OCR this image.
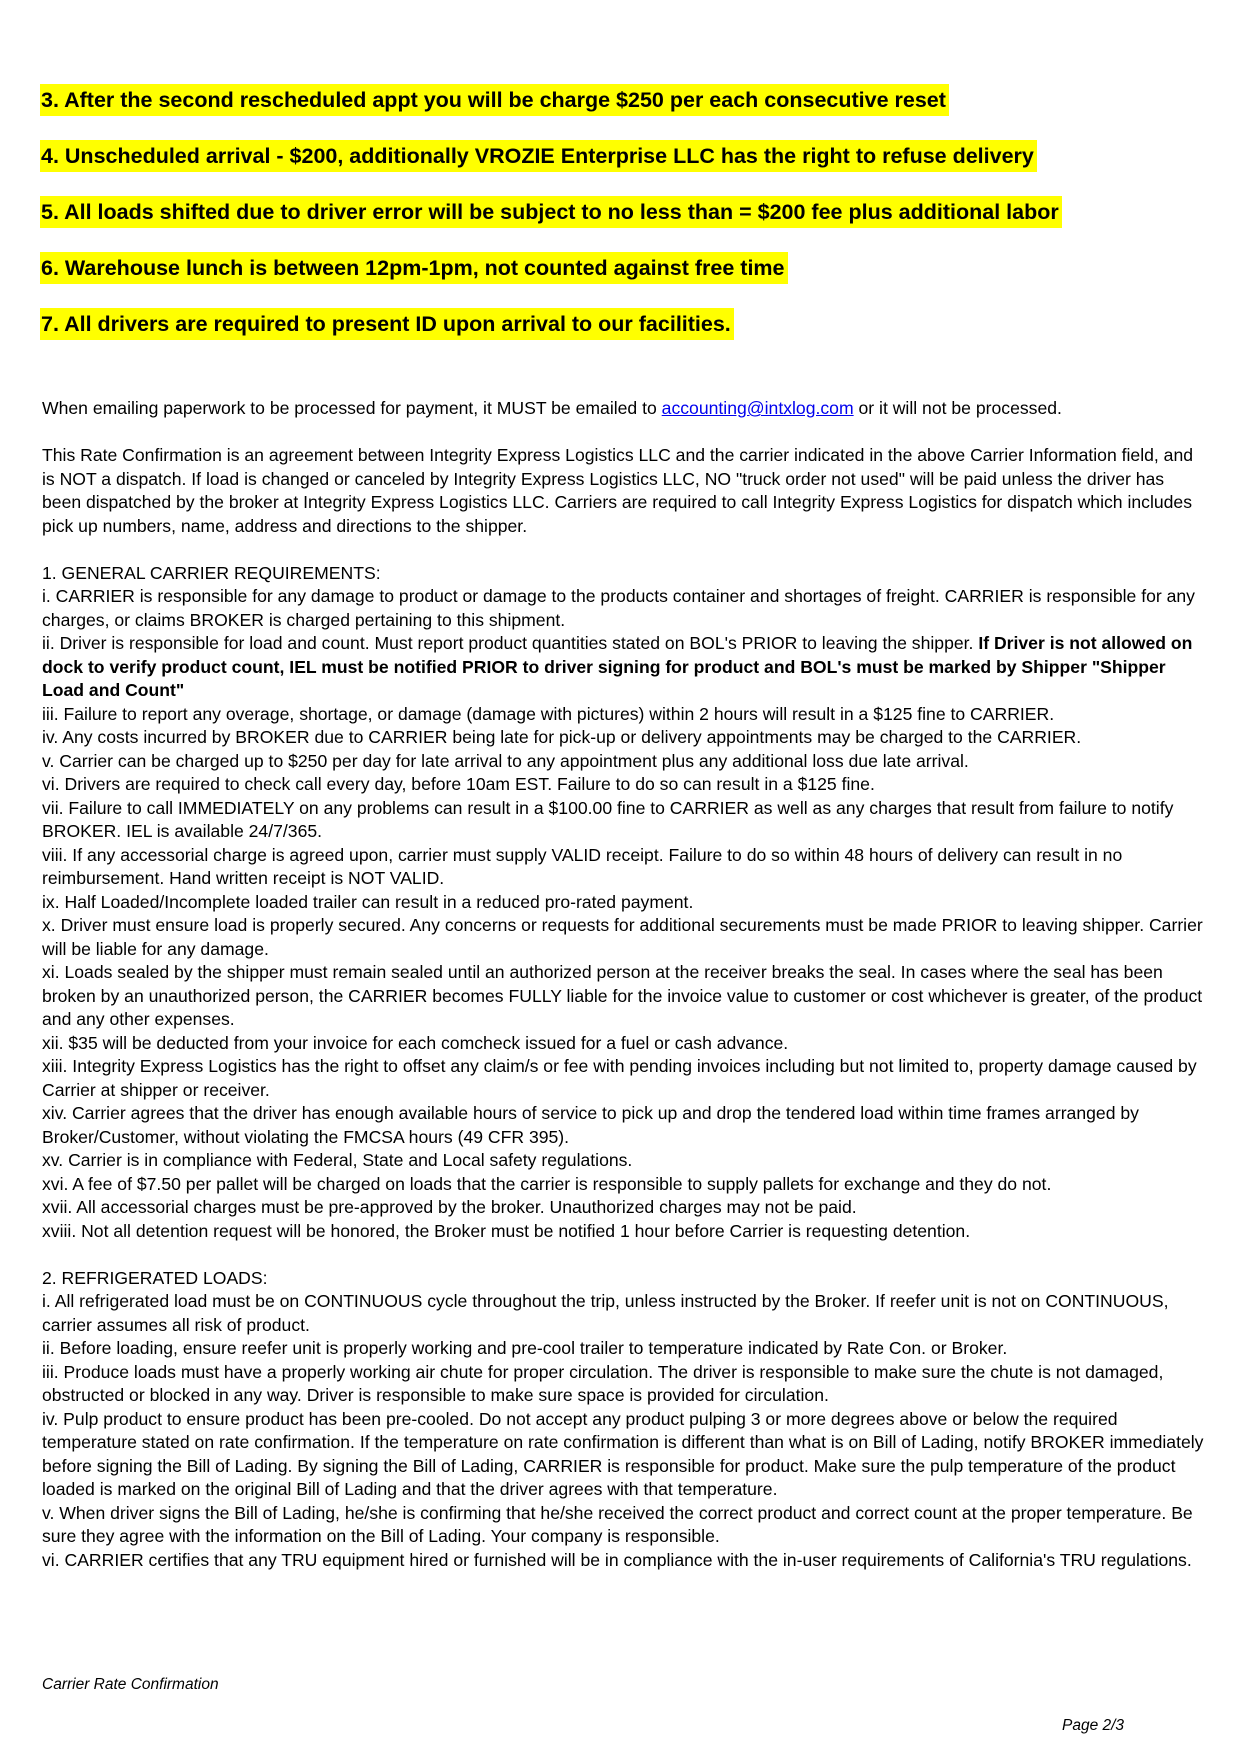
3. After the second rescheduled appt you will be charge $250 per each consecutive reset
4. Unscheduled arrival - $200, additionally VROZIE Enterprise LLC has the right to refuse delivery
5. All loads shifted due to driver error will be subject to no less than = $200 fee plus additional labor
6. Warehouse lunch is between 12pm-1pm, not counted against free time
7. All drivers are required to present ID upon arrival to our facilities.

When emailing paperwork to be processed for payment, it MUST be emailed to accounting@intxlog.com or it will not be processed.

This Rate Confirmation is an agreement between Integrity Express Logistics LLC and the carrier indicated in the above Carrier Information field, and is NOT a dispatch. If load is changed or canceled by Integrity Express Logistics LLC, NO "truck order not used" will be paid unless the driver has been dispatched by the broker at Integrity Express Logistics LLC. Carriers are required to call Integrity Express Logistics for dispatch which includes pick up numbers, name, address and directions to the shipper.

1. GENERAL CARRIER REQUIREMENTS:

i. CARRIER is responsible for any damage to product or damage to the products container and shortages of freight. CARRIER is responsible for any charges, or claims BROKER is charged pertaining to this shipment.

ii. Driver is responsible for load and count. Must report product quantities stated on BOL's PRIOR to leaving the shipper. If Driver is not allowed on dock to verify product count, IEL must be notified PRIOR to driver signing for product and BOL's must be marked by Shipper "Shipper Load and Count"

iii. Failure to report any overage, shortage, or damage (damage with pictures) within 2 hours will result in a $125 fine to CARRIER.

iv. Any costs incurred by BROKER due to CARRIER being late for pick-up or delivery appointments may be charged to the CARRIER.

v. Carrier can be charged up to $250 per day for late arrival to any appointment plus any additional loss due late arrival.

vi. Drivers are required to check call every day, before 10am EST. Failure to do so can result in a $125 fine.

vii. Failure to call IMMEDIATELY on any problems can result in a $100.00 fine to CARRIER as well as any charges that result from failure to notify BROKER. IEL is available 24/7/365.

viii. If any accessorial charge is agreed upon, carrier must supply VALID receipt. Failure to do so within 48 hours of delivery can result in no reimbursement. Hand written receipt is NOT VALID.

ix. Half Loaded/Incomplete loaded trailer can result in a reduced pro-rated payment.

x. Driver must ensure load is properly secured. Any concerns or requests for additional securements must be made PRIOR to leaving shipper. Carrier will be liable for any damage.

xi. Loads sealed by the shipper must remain sealed until an authorized person at the receiver breaks the seal. In cases where the seal has been broken by an unauthorized person, the CARRIER becomes FULLY liable for the invoice value to customer or cost whichever is greater, of the product and any other expenses.

xii. $35 will be deducted from your invoice for each comcheck issued for a fuel or cash advance.

xiii. Integrity Express Logistics has the right to offset any claim/s or fee with pending invoices including but not limited to, property damage caused by Carrier at shipper or receiver.

xiv. Carrier agrees that the driver has enough available hours of service to pick up and drop the tendered load within time frames arranged by Broker/Customer, without violating the FMCSA hours (49 CFR 395).

xv. Carrier is in compliance with Federal, State and Local safety regulations.

xvi. A fee of $7.50 per pallet will be charged on loads that the carrier is responsible to supply pallets for exchange and they do not.

xvii. All accessorial charges must be pre-approved by the broker. Unauthorized charges may not be paid.

xviii. Not all detention request will be honored, the Broker must be notified 1 hour before Carrier is requesting detention.

2. REFRIGERATED LOADS:

i. All refrigerated load must be on CONTINUOUS cycle throughout the trip, unless instructed by the Broker. If reefer unit is not on CONTINUOUS, carrier assumes all risk of product.

ii. Before loading, ensure reefer unit is properly working and pre-cool trailer to temperature indicated by Rate Con. or Broker.

iii. Produce loads must have a properly working air chute for proper circulation. The driver is responsible to make sure the chute is not damaged, obstructed or blocked in any way. Driver is responsible to make sure space is provided for circulation.

iv. Pulp product to ensure product has been pre-cooled. Do not accept any product pulping 3 or more degrees above or below the required temperature stated on rate confirmation. If the temperature on rate confirmation is different than what is on Bill of Lading, notify BROKER immediately before signing the Bill of Lading. By signing the Bill of Lading, CARRIER is responsible for product. Make sure the pulp temperature of the product loaded is marked on the original Bill of Lading and that the driver agrees with that temperature.

v. When driver signs the Bill of Lading, he/she is confirming that he/she received the correct product and correct count at the proper temperature. Be sure they agree with the information on the Bill of Lading. Your company is responsible.

vi. CARRIER certifies that any TRU equipment hired or furnished will be in compliance with the in-user requirements of California's TRU regulations.

Carrier Rate Confirmation
Page 2/3
